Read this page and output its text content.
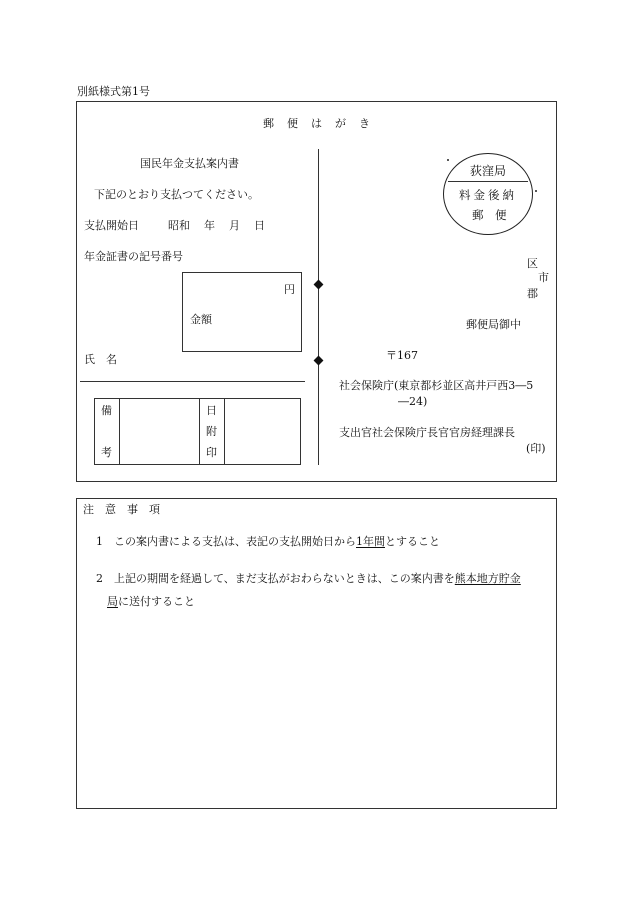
別紙様式第1号
郵　便　は　が　き
国民年金支払案内書
下記のとおり支払つてください。
支払開始日	昭和 年 月 日
年金証書の記号番号
円
金額
氏　名
備
考
日
附
印
荻窪局
料金後納
郵　便
区
市
郡
郵便局御中
〒167
社会保険庁(東京都杉並区高井戸西3―5
―24)
支出官 社会保険庁長官官房経理課長
(印)
注　意　事　項
1 この案内書による支払は、表記の支払開始日から1年間とすること
2 上記の期間を経過して、まだ支払がおわらないときは、この案内書を熊本地方貯金
局に送付すること
